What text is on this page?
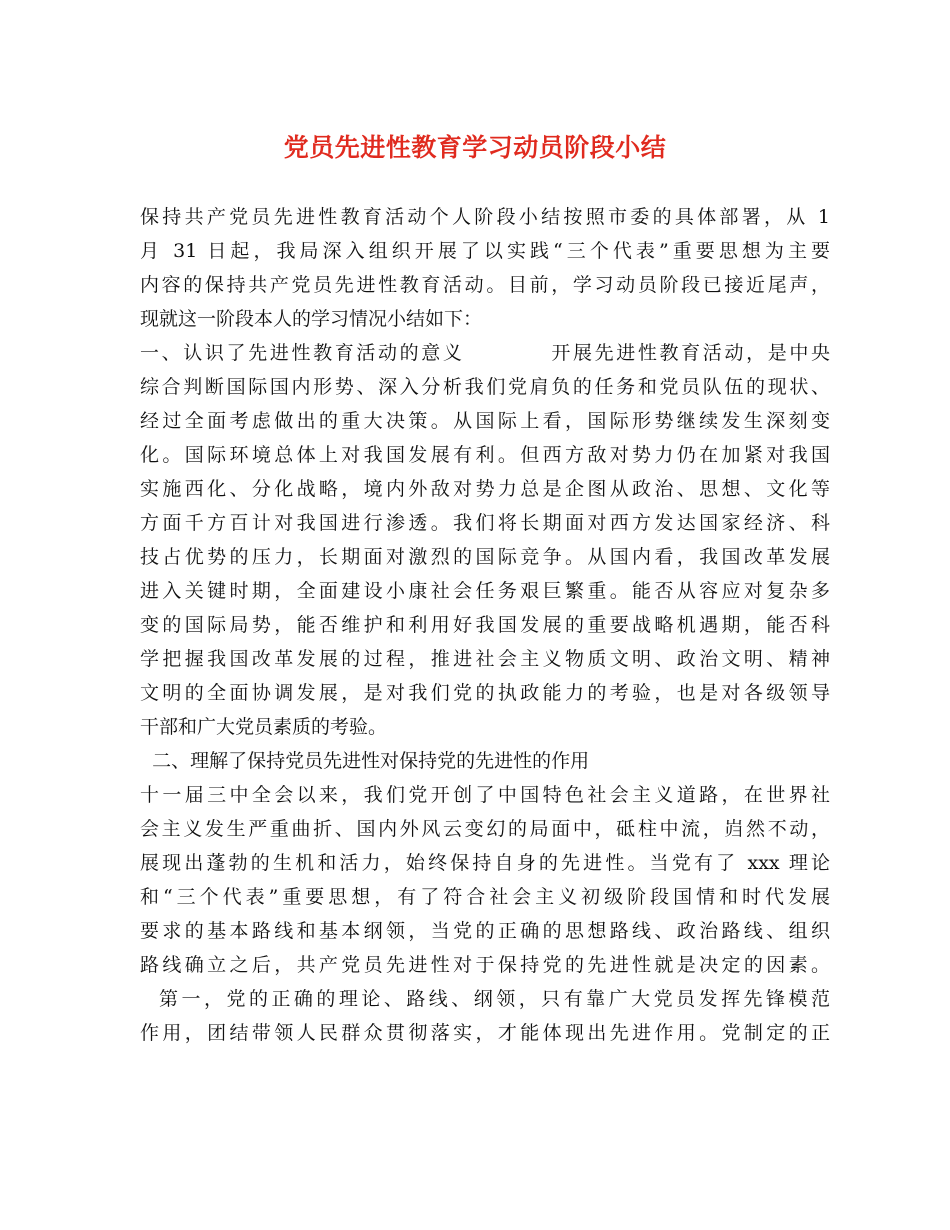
党员先进性教育学习动员阶段小结
保持共产党员先进性教育活动个人阶段小结按照市委的具体部署，从 1
月 31 日起，我局深入组织开展了以实践“三个代表”重要思想为主要
内容的保持共产党员先进性教育活动。目前，学习动员阶段已接近尾声，
现就这一阶段本人的学习情况小结如下：
一、认识了先进性教育活动的意义          开展先进性教育活动，是中央
综合判断国际国内形势、深入分析我们党肩负的任务和党员队伍的现状、
经过全面考虑做出的重大决策。从国际上看，国际形势继续发生深刻变
化。国际环境总体上对我国发展有利。但西方敌对势力仍在加紧对我国
实施西化、分化战略，境内外敌对势力总是企图从政治、思想、文化等
方面千方百计对我国进行渗透。我们将长期面对西方发达国家经济、科
技占优势的压力，长期面对激烈的国际竞争。从国内看，我国改革发展
进入关键时期，全面建设小康社会任务艰巨繁重。能否从容应对复杂多
变的国际局势，能否维护和利用好我国发展的重要战略机遇期，能否科
学把握我国改革发展的过程，推进社会主义物质文明、政治文明、精神
文明的全面协调发展，是对我们党的执政能力的考验，也是对各级领导
干部和广大党员素质的考验。
二、理解了保持党员先进性对保持党的先进性的作用
十一届三中全会以来，我们党开创了中国特色社会主义道路，在世界社
会主义发生严重曲折、国内外风云变幻的局面中，砥柱中流，岿然不动，
展现出蓬勃的生机和活力，始终保持自身的先进性。当党有了 xxx 理论
和“三个代表”重要思想，有了符合社会主义初级阶段国情和时代发展
要求的基本路线和基本纲领，当党的正确的思想路线、政治路线、组织
路线确立之后，共产党员先进性对于保持党的先进性就是决定的因素。
第一，党的正确的理论、路线、纲领，只有靠广大党员发挥先锋模范
作用，团结带领人民群众贯彻落实，才能体现出先进作用。党制定的正
